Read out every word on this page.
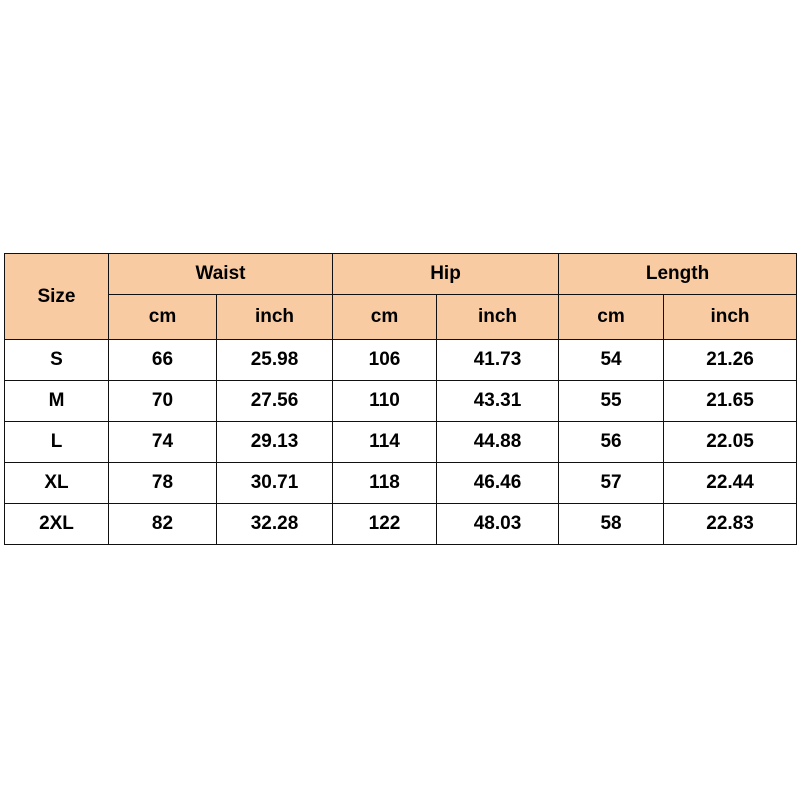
Size	Waist		Hip		Length	
	cm	inch	cm	inch	cm	inch
S	66	25.98	106	41.73	54	21.26
M	70	27.56	110	43.31	55	21.65
L	74	29.13	114	44.88	56	22.05
XL	78	30.71	118	46.46	57	22.44
2XL	82	32.28	122	48.03	58	22.83
